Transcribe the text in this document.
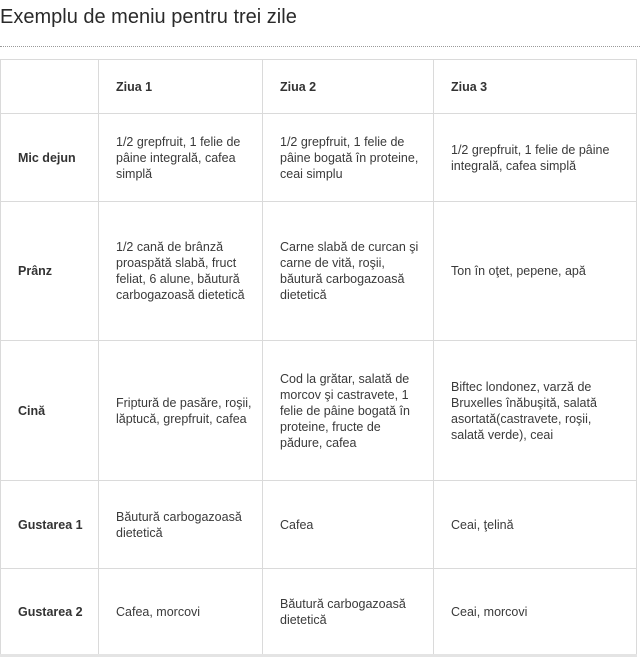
Exemplu de meniu pentru trei zile
	Ziua 1	Ziua 2	Ziua 3
Mic dejun	1/2 grepfruit, 1 felie de pâine integrală, cafea simplă	1/2 grepfruit, 1 felie de pâine bogată în proteine, ceai simplu	1/2 grepfruit, 1 felie de pâine integrală, cafea simplă
Prânz	1/2 cană de brânză proaspătă slabă, fruct feliat, 6 alune, băutură carbogazoasă dietetică	Carne slabă de curcan şi carne de vită, roşii, băutură carbogazoasă dietetică	Ton în oţet, pepene, apă
Cină	Friptură de pasăre, roşii, lăptucă, grepfruit, cafea	Cod la grătar, salată de morcov şi castravete, 1 felie de pâine bogată în proteine, fructe de pădure, cafea	Biftec londonez, varză de Bruxelles înăbuşită, salată asortată(castravete, roşii, salată verde), ceai
Gustarea 1	Băutură carbogazoasă dietetică	Cafea	Ceai, ţelină
Gustarea 2	Cafea, morcovi	Băutură carbogazoasă dietetică	Ceai, morcovi
